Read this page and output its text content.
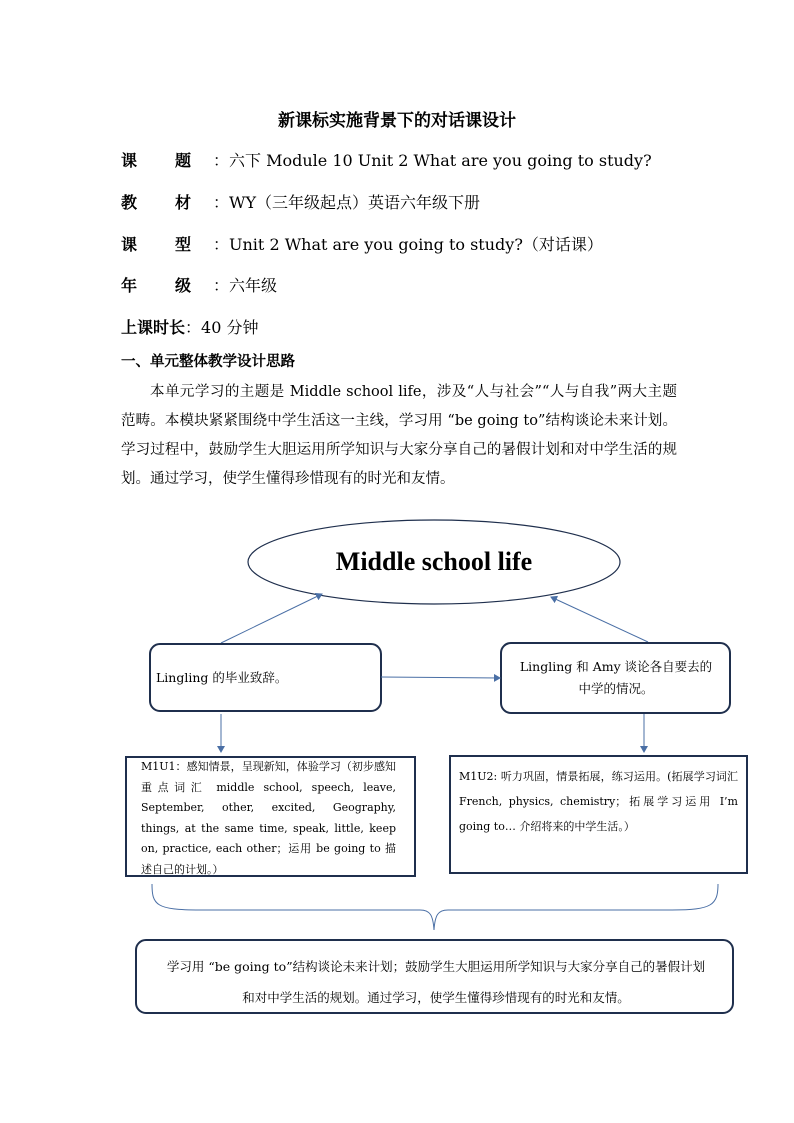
新课标实施背景下的对话课设计
课 题 ：六下 Module 10 Unit 2 What are you going to study?
教 材 ：WY（三年级起点）英语六年级下册
课 型 ：Unit 2 What are you going to study?（对话课）
年 级 ：六年级
上课时长：40 分钟
一、单元整体教学设计思路
本单元学习的主题是 Middle school life，涉及“人与社会”“人与自我”两大主题范畴。本模块紧紧围绕中学生活这一主线，学习用 “be going to”结构谈论未来计划。学习过程中，鼓励学生大胆运用所学知识与大家分享自己的暑假计划和对中学生活的规划。通过学习，使学生懂得珍惜现有的时光和友情。
Middle school life
Lingling 的毕业致辞。
Lingling 和 Amy 谈论各自要去的中学的情况。
M1U1：感知情景，呈现新知，体验学习（初步感知重点词汇 middle school, speech, leave, September, other, excited, Geography, things, at the same time, speak, little, keep on, practice, each other；运用 be going to 描述自己的计划。）
M1U2: 听力巩固，情景拓展，练习运用。(拓展学习词汇 French, physics, chemistry；拓展学习运用 I’m going to… 介绍将来的中学生活。）
学习用 “be going to”结构谈论未来计划；鼓励学生大胆运用所学知识与大家分享自己的暑假计划和对中学生活的规划。通过学习，使学生懂得珍惜现有的时光和友情。
